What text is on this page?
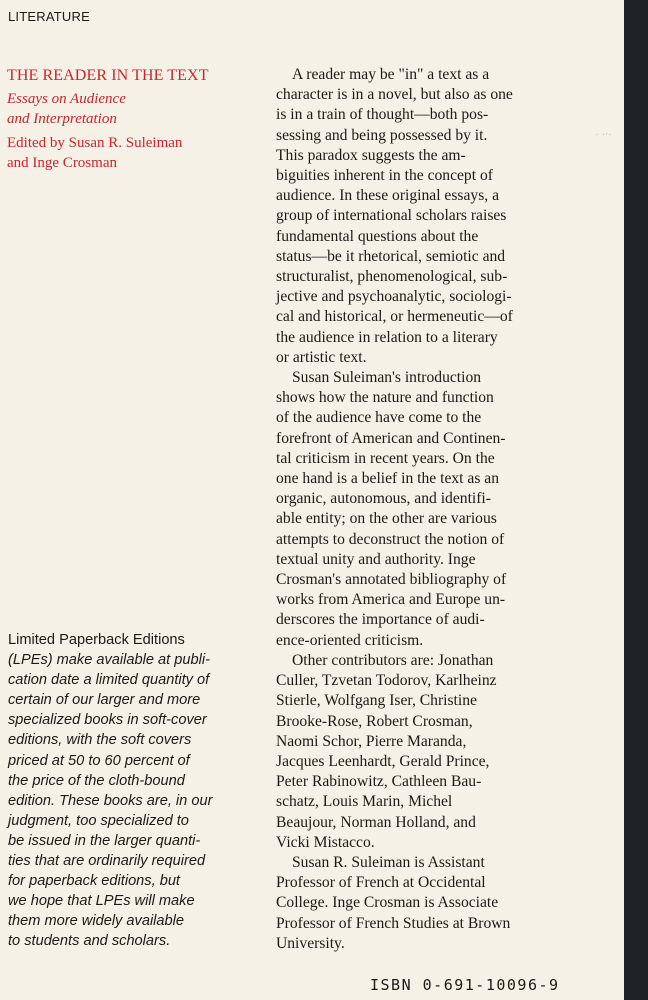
· ·ˑ·
LITERATURE

THE READER IN THE TEXT

Essays on Audience
and Interpretation

Edited by Susan R. Suleiman
and Inge Crosman

Limited Paperback Editions
(LPEs) make available at publi-
cation date a limited quantity of
certain of our larger and more
specialized books in soft-cover
editions, with the soft covers
priced at 50 to 60 percent of
the price of the cloth-bound
edition. These books are, in our
judgment, too specialized to
be issued in the larger quanti-
ties that are ordinarily required
for paperback editions, but
we hope that LPEs will make
them more widely available
to students and scholars.
A reader may be "in" a text as a
character is in a novel, but also as one
is in a train of thought—both pos-
sessing and being possessed by it.
This paradox suggests the am-
biguities inherent in the concept of
audience. In these original essays, a
group of international scholars raises
fundamental questions about the
status—be it rhetorical, semiotic and
structuralist, phenomenological, sub-
jective and psychoanalytic, sociologi-
cal and historical, or hermeneutic—of
the audience in relation to a literary
or artistic text.
Susan Suleiman's introduction
shows how the nature and function
of the audience have come to the
forefront of American and Continen-
tal criticism in recent years. On the
one hand is a belief in the text as an
organic, autonomous, and identifi-
able entity; on the other are various
attempts to deconstruct the notion of
textual unity and authority. Inge
Crosman's annotated bibliography of
works from America and Europe un-
derscores the importance of audi-
ence-oriented criticism.
Other contributors are: Jonathan
Culler, Tzvetan Todorov, Karlheinz
Stierle, Wolfgang Iser, Christine
Brooke-Rose, Robert Crosman,
Naomi Schor, Pierre Maranda,
Jacques Leenhardt, Gerald Prince,
Peter Rabinowitz, Cathleen Bau-
schatz, Louis Marin, Michel
Beaujour, Norman Holland, and
Vicki Mistacco.
Susan R. Suleiman is Assistant
Professor of French at Occidental
College. Inge Crosman is Associate
Professor of French Studies at Brown
University.
ISBN 0-691-10096-9
